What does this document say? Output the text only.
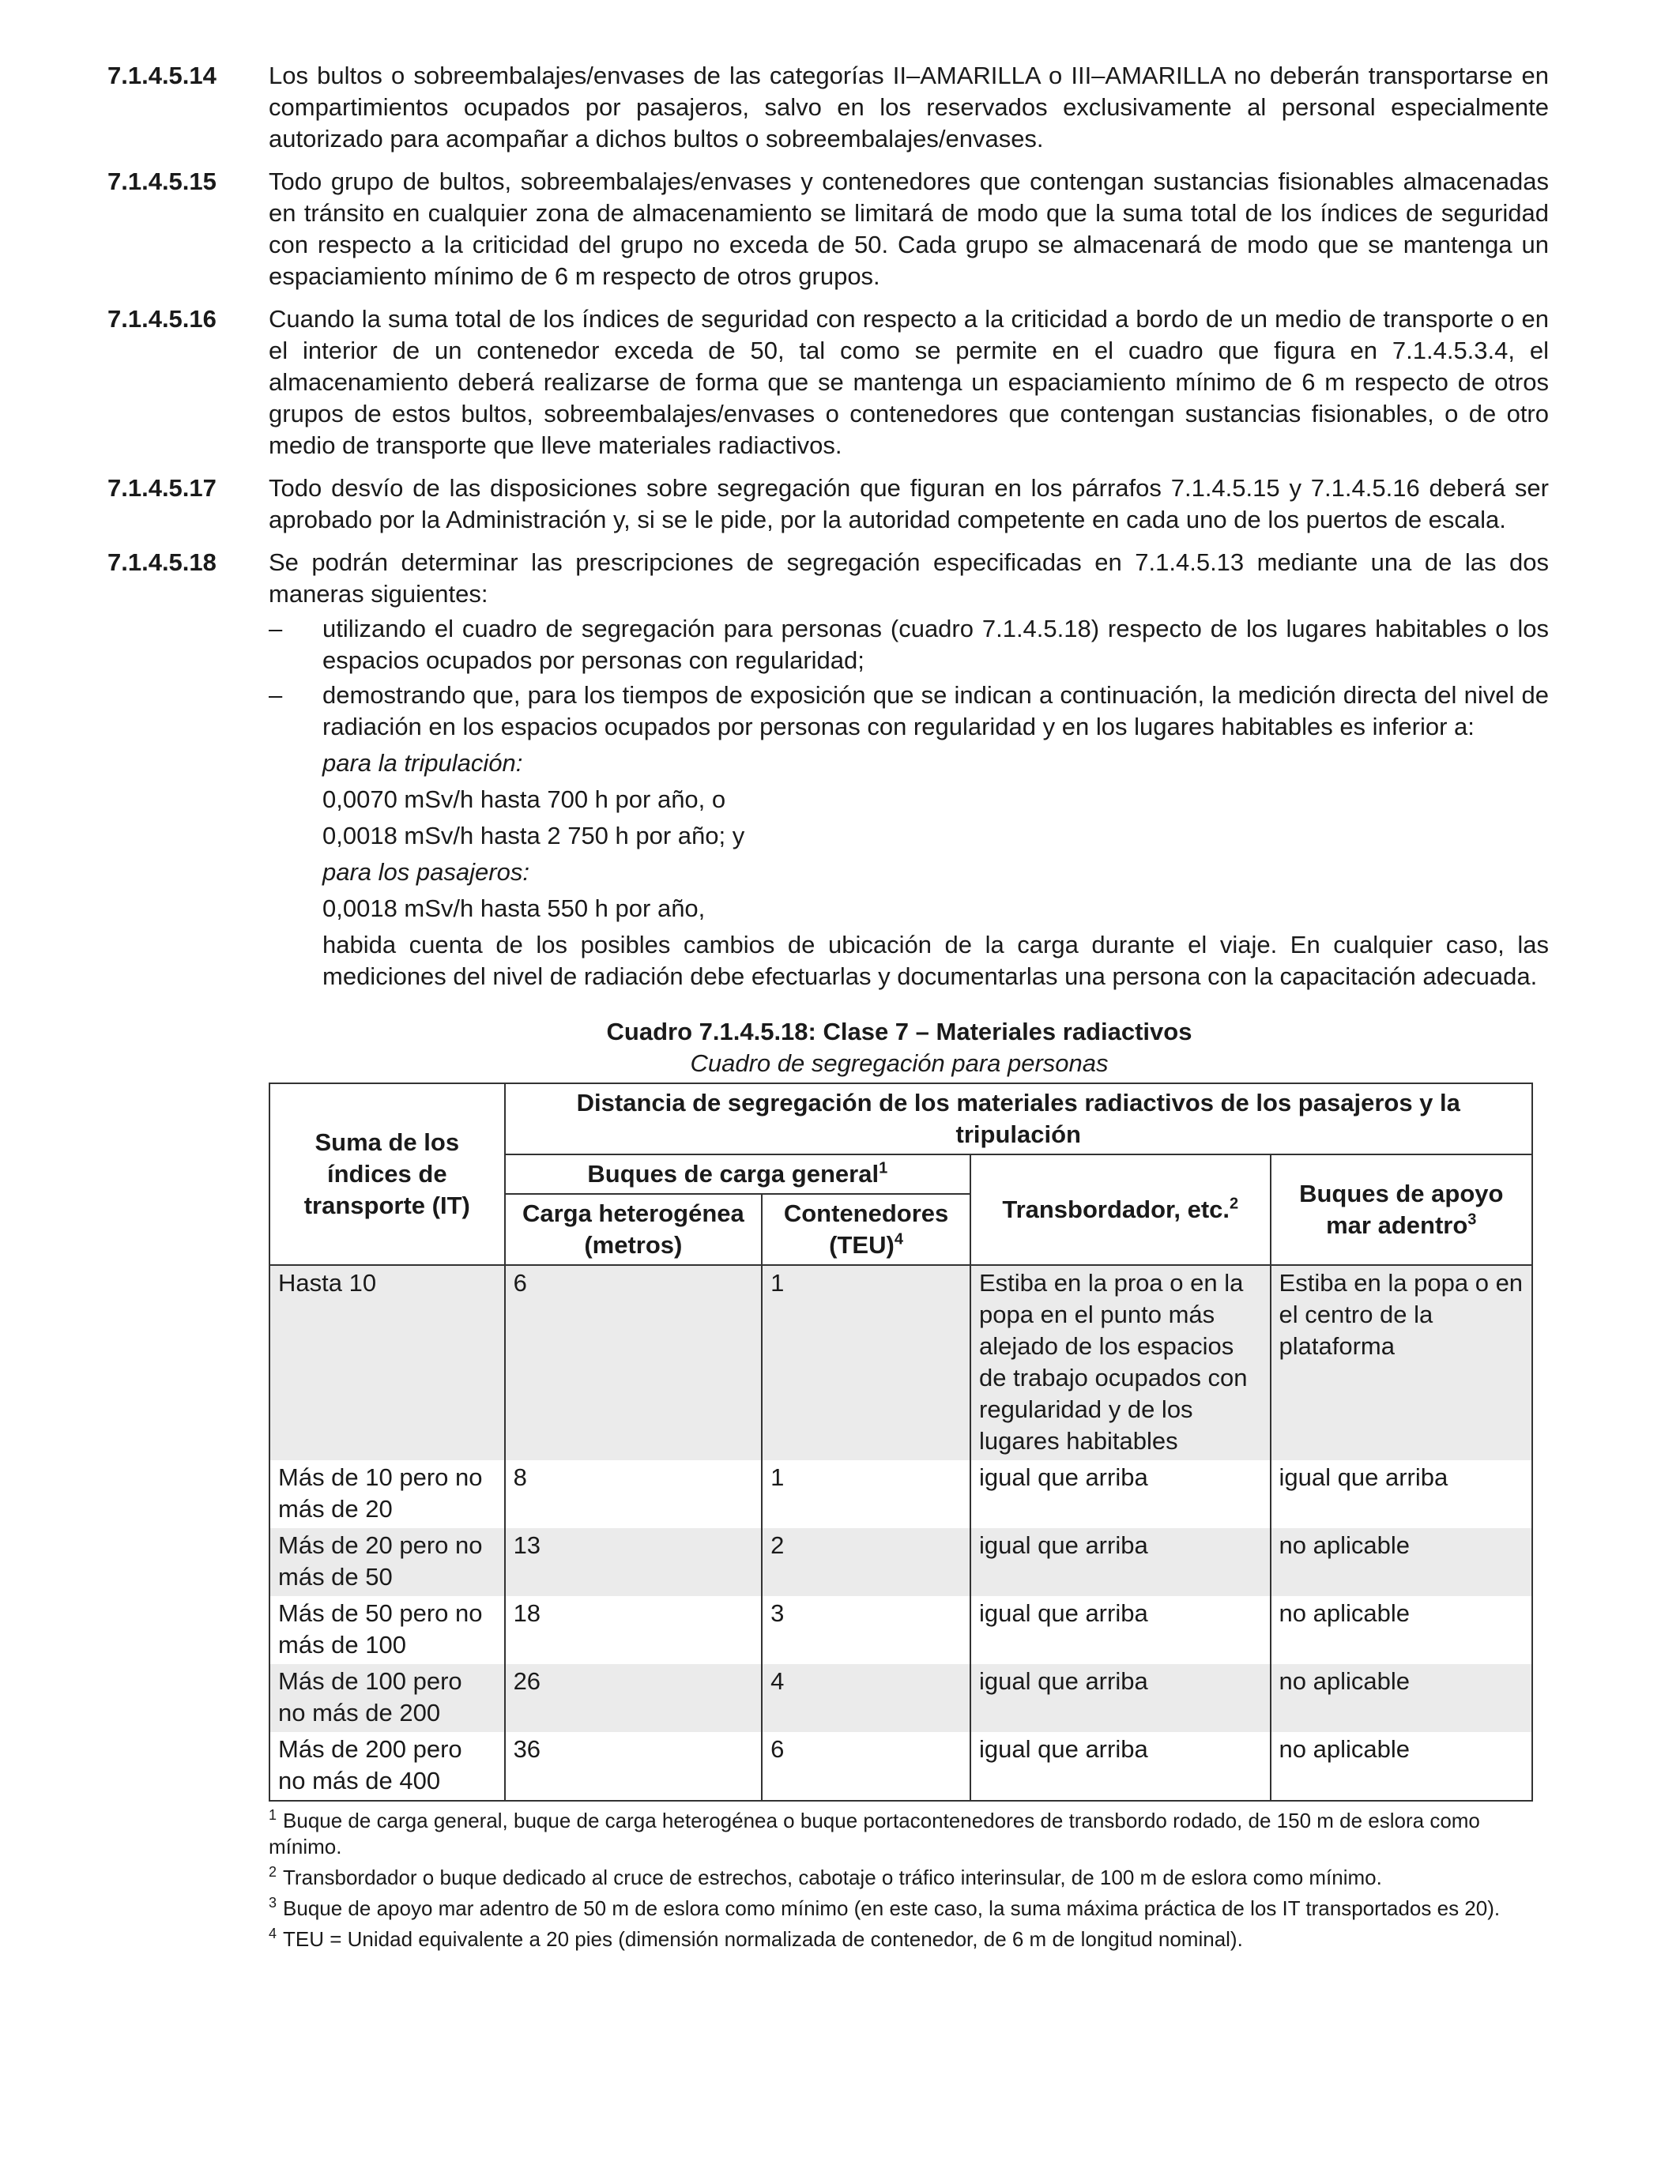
7.1.4.5.14	Los bultos o sobreembalajes/envases de las categorías II–AMARILLA o III–AMARILLA no deberán transportarse en compartimientos ocupados por pasajeros, salvo en los reservados exclusivamente al personal especialmente autorizado para acompañar a dichos bultos o sobreembalajes/envases.
7.1.4.5.15	Todo grupo de bultos, sobreembalajes/envases y contenedores que contengan sustancias fisionables almacenadas en tránsito en cualquier zona de almacenamiento se limitará de modo que la suma total de los índices de seguridad con respecto a la criticidad del grupo no exceda de 50. Cada grupo se almacenará de modo que se mantenga un espaciamiento mínimo de 6 m respecto de otros grupos.
7.1.4.5.16	Cuando la suma total de los índices de seguridad con respecto a la criticidad a bordo de un medio de transporte o en el interior de un contenedor exceda de 50, tal como se permite en el cuadro que figura en 7.1.4.5.3.4, el almacenamiento deberá realizarse de forma que se mantenga un espaciamiento mínimo de 6 m respecto de otros grupos de estos bultos, sobreembalajes/envases o contenedores que contengan sustancias fisionables, o de otro medio de transporte que lleve materiales radiactivos.
7.1.4.5.17	Todo desvío de las disposiciones sobre segregación que figuran en los párrafos 7.1.4.5.15 y 7.1.4.5.16 deberá ser aprobado por la Administración y, si se le pide, por la autoridad competente en cada uno de los puertos de escala.
7.1.4.5.18	Se podrán determinar las prescripciones de segregación especificadas en 7.1.4.5.13 mediante una de las dos maneras siguientes:
–	utilizando el cuadro de segregación para personas (cuadro 7.1.4.5.18) respecto de los lugares habitables o los espacios ocupados por personas con regularidad;
–	demostrando que, para los tiempos de exposición que se indican a continuación, la medición directa del nivel de radiación en los espacios ocupados por personas con regularidad y en los lugares habitables es inferior a:

para la tripulación:

0,0070 mSv/h hasta 700 h por año, o

0,0018 mSv/h hasta 2 750 h por año; y

para los pasajeros:

0,0018 mSv/h hasta 550 h por año,

habida cuenta de los posibles cambios de ubicación de la carga durante el viaje. En cualquier caso, las mediciones del nivel de radiación debe efectuarlas y documentarlas una persona con la capacitación adecuada.

Cuadro 7.1.4.5.18: Clase 7 – Materiales radiactivos
Cuadro de segregación para personas
Suma de los índices de transporte (IT)	Distancia de segregación de los materiales radiactivos de los pasajeros y la tripulación			
	Buques de carga general$^1$		Transbordador, etc.$^2$	Buques de apoyo mar adentro$^3$
	Carga heterogénea (metros)	Contenedores (TEU)$^4$
Hasta 10	6	1	Estiba en la proa o en la popa en el punto más alejado de los espacios de trabajo ocupados con regularidad y de los lugares habitables	Estiba en la popa o en el centro de la plataforma
Más de 10 pero no más de 20	8	1	igual que arriba	igual que arriba
Más de 20 pero no más de 50	13	2	igual que arriba	no aplicable
Más de 50 pero no más de 100	18	3	igual que arriba	no aplicable
Más de 100 pero no más de 200	26	4	igual que arriba	no aplicable
Más de 200 pero no más de 400	36	6	igual que arriba	no aplicable
$^1$ Buque de carga general, buque de carga heterogénea o buque portacontenedores de transbordo rodado, de 150 m de eslora como mínimo.
$^2$ Transbordador o buque dedicado al cruce de estrechos, cabotaje o tráfico interinsular, de 100 m de eslora como mínimo.
$^3$ Buque de apoyo mar adentro de 50 m de eslora como mínimo (en este caso, la suma máxima práctica de los IT transportados es 20).
$^4$ TEU = Unidad equivalente a 20 pies (dimensión normalizada de contenedor, de 6 m de longitud nominal).
